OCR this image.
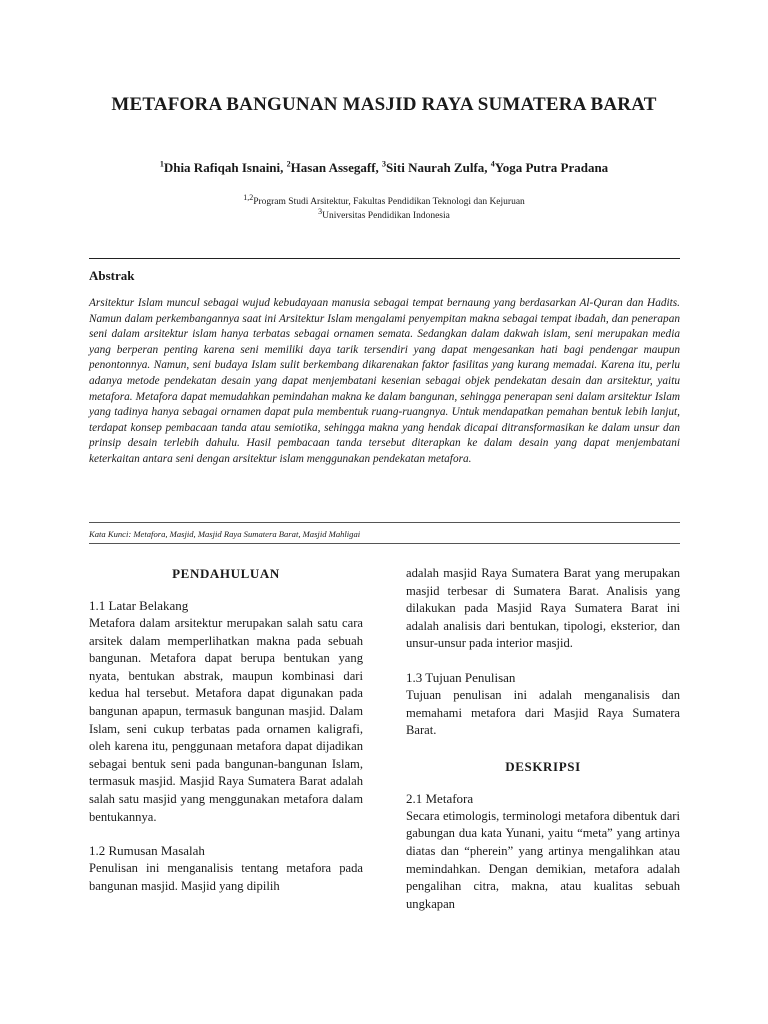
METAFORA BANGUNAN MASJID RAYA SUMATERA BARAT
$^1$Dhia Rafiqah Isnaini, $^2$Hasan Assegaff, $^3$Siti Naurah Zulfa, $^4$Yoga Putra Pradana
$^{1,2}$Program Studi Arsitektur, Fakultas Pendidikan Teknologi dan Kejuruan
$^3$Universitas Pendidikan Indonesia
Abstrak

Arsitektur Islam muncul sebagai wujud kebudayaan manusia sebagai tempat bernaung yang berdasarkan Al-Quran dan Hadits. Namun dalam perkembangannya saat ini Arsitektur Islam mengalami penyempitan makna sebagai tempat ibadah, dan penerapan seni dalam arsitektur islam hanya terbatas sebagai ornamen semata. Sedangkan dalam dakwah islam, seni merupakan media yang berperan penting karena seni memiliki daya tarik tersendiri yang dapat mengesankan hati bagi pendengar maupun penontonnya. Namun, seni budaya Islam sulit berkembang dikarenakan faktor fasilitas yang kurang memadai. Karena itu, perlu adanya metode pendekatan desain yang dapat menjembatani kesenian sebagai objek pendekatan desain dan arsitektur, yaitu metafora. Metafora dapat memudahkan pemindahan makna ke dalam bangunan, sehingga penerapan seni dalam arsitektur Islam yang tadinya hanya sebagai ornamen dapat pula membentuk ruang-ruangnya. Untuk mendapatkan pemahan bentuk lebih lanjut, terdapat konsep pembacaan tanda atau semiotika, sehingga makna yang hendak dicapai ditransformasikan ke dalam unsur dan prinsip desain terlebih dahulu. Hasil pembacaan tanda tersebut diterapkan ke dalam desain yang dapat menjembatani keterkaitan antara seni dengan arsitektur islam menggunakan pendekatan metafora.

Kata Kunci: Metafora, Masjid, Masjid Raya Sumatera Barat, Masjid Mahligai
PENDAHULUAN
1.1 Latar Belakang

Metafora dalam arsitektur merupakan salah satu cara arsitek dalam memperlihatkan makna pada sebuah bangunan. Metafora dapat berupa bentukan yang nyata, bentukan abstrak, maupun kombinasi dari kedua hal tersebut. Metafora dapat digunakan pada bangunan apapun, termasuk bangunan masjid. Dalam Islam, seni cukup terbatas pada ornamen kaligrafi, oleh karena itu, penggunaan metafora dapat dijadikan sebagai bentuk seni pada bangunan-bangunan Islam, termasuk masjid. Masjid Raya Sumatera Barat adalah salah satu masjid yang menggunakan metafora dalam bentukannya.

1.2 Rumusan Masalah

Penulisan ini menganalisis tentang metafora pada bangunan masjid. Masjid yang dipilih

adalah masjid Raya Sumatera Barat yang merupakan masjid terbesar di Sumatera Barat. Analisis yang dilakukan pada Masjid Raya Sumatera Barat ini adalah analisis dari bentukan, tipologi, eksterior, dan unsur-unsur pada interior masjid.

1.3 Tujuan Penulisan

Tujuan penulisan ini adalah menganalisis dan memahami metafora dari Masjid Raya Sumatera Barat.

DESKRIPSI
2.1 Metafora

Secara etimologis, terminologi metafora dibentuk dari gabungan dua kata Yunani, yaitu “meta” yang artinya diatas dan “pherein” yang artinya mengalihkan atau memindahkan. Dengan demikian, metafora adalah pengalihan citra, makna, atau kualitas sebuah ungkapan
